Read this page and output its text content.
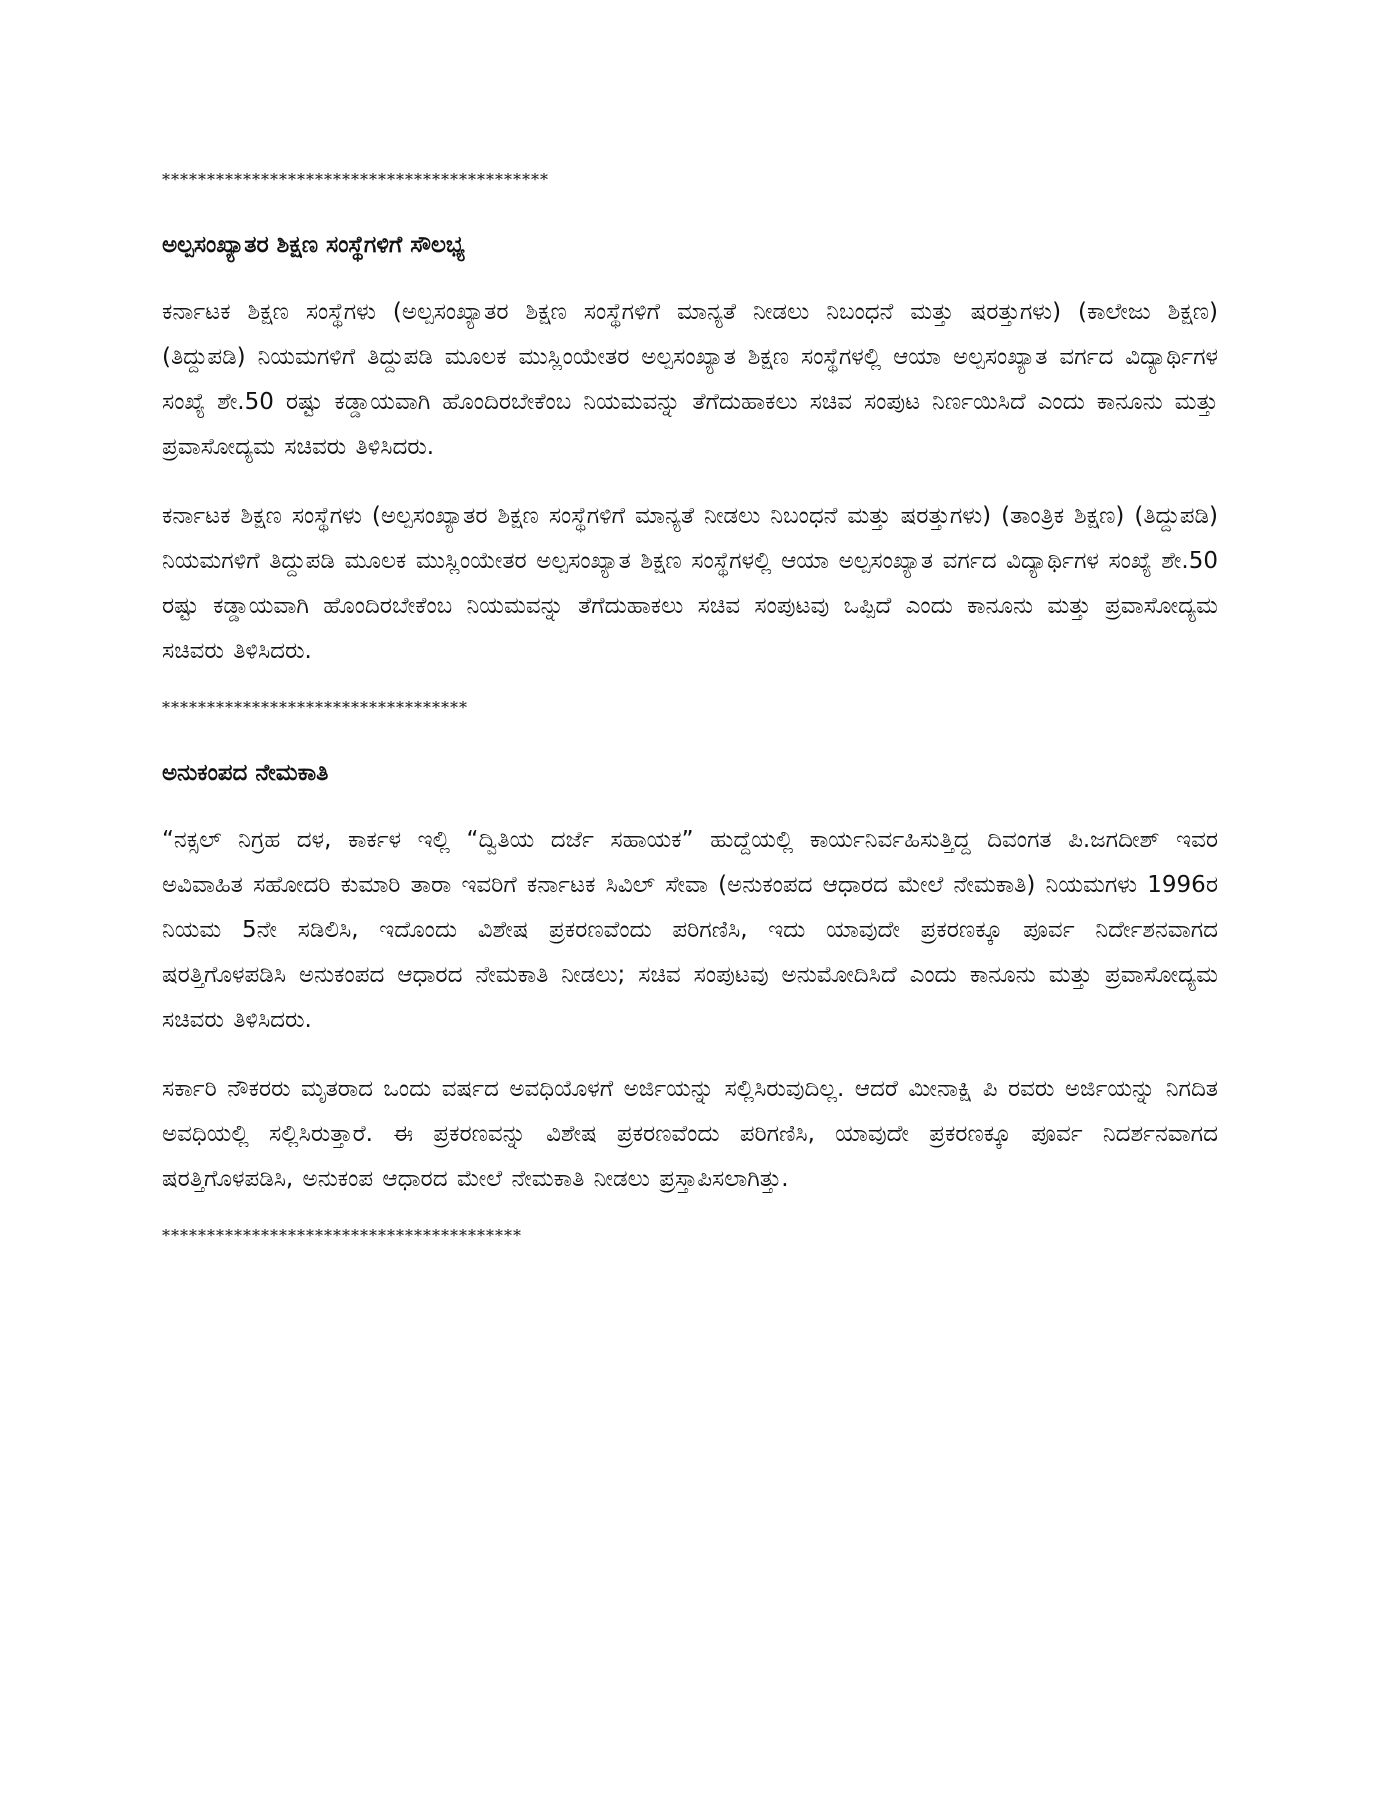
*******************************************
ಅಲ್ಪಸಂಖ್ಯಾತರ ಶಿಕ್ಷಣ ಸಂಸ್ಥೆಗಳಿಗೆ ಸೌಲಭ್ಯ

ಕರ್ನಾಟಕ ಶಿಕ್ಷಣ ಸಂಸ್ಥೆಗಳು (ಅಲ್ಪಸಂಖ್ಯಾತರ ಶಿಕ್ಷಣ ಸಂಸ್ಥೆಗಳಿಗೆ ಮಾನ್ಯತೆ ನೀಡಲು ನಿಬಂಧನೆ ಮತ್ತು ಷರತ್ತುಗಳು) (ಕಾಲೇಜು ಶಿಕ್ಷಣ) (ತಿದ್ದುಪಡಿ) ನಿಯಮಗಳಿಗೆ ತಿದ್ದುಪಡಿ ಮೂಲಕ ಮುಸ್ಲಿಂಯೇತರ ಅಲ್ಪಸಂಖ್ಯಾತ ಶಿಕ್ಷಣ ಸಂಸ್ಥೆಗಳಲ್ಲಿ ಆಯಾ ಅಲ್ಪಸಂಖ್ಯಾತ ವರ್ಗದ ವಿದ್ಯಾರ್ಥಿಗಳ ಸಂಖ್ಯೆ ಶೇ.50 ರಷ್ಟು ಕಡ್ಡಾಯವಾಗಿ ಹೊಂದಿರಬೇಕೆಂಬ ನಿಯಮವನ್ನು ತೆಗೆದುಹಾಕಲು ಸಚಿವ ಸಂಪುಟ ನಿರ್ಣಯಿಸಿದೆ ಎಂದು ಕಾನೂನು ಮತ್ತು ಪ್ರವಾಸೋದ್ಯಮ ಸಚಿವರು ತಿಳಿಸಿದರು.

ಕರ್ನಾಟಕ ಶಿಕ್ಷಣ ಸಂಸ್ಥೆಗಳು (ಅಲ್ಪಸಂಖ್ಯಾತರ ಶಿಕ್ಷಣ ಸಂಸ್ಥೆಗಳಿಗೆ ಮಾನ್ಯತೆ ನೀಡಲು ನಿಬಂಧನೆ ಮತ್ತು ಷರತ್ತುಗಳು) (ತಾಂತ್ರಿಕ ಶಿಕ್ಷಣ) (ತಿದ್ದುಪಡಿ) ನಿಯಮಗಳಿಗೆ ತಿದ್ದುಪಡಿ ಮೂಲಕ ಮುಸ್ಲಿಂಯೇತರ ಅಲ್ಪಸಂಖ್ಯಾತ ಶಿಕ್ಷಣ ಸಂಸ್ಥೆಗಳಲ್ಲಿ ಆಯಾ ಅಲ್ಪಸಂಖ್ಯಾತ ವರ್ಗದ ವಿದ್ಯಾರ್ಥಿಗಳ ಸಂಖ್ಯೆ ಶೇ.50 ರಷ್ಟು ಕಡ್ಡಾಯವಾಗಿ ಹೊಂದಿರಬೇಕೆಂಬ ನಿಯಮವನ್ನು ತೆಗೆದುಹಾಕಲು ಸಚಿವ ಸಂಪುಟವು ಒಪ್ಪಿದೆ ಎಂದು ಕಾನೂನು ಮತ್ತು ಪ್ರವಾಸೋದ್ಯಮ ಸಚಿವರು ತಿಳಿಸಿದರು.

**********************************
ಅನುಕಂಪದ ನೇಮಕಾತಿ

“ನಕ್ಸಲ್ ನಿಗ್ರಹ ದಳ, ಕಾರ್ಕಳ ಇಲ್ಲಿ “ದ್ವಿತಿಯ ದರ್ಜೆ ಸಹಾಯಕ” ಹುದ್ದೆಯಲ್ಲಿ ಕಾರ್ಯನಿರ್ವಹಿಸುತ್ತಿದ್ದ ದಿವಂಗತ ಪಿ.ಜಗದೀಶ್ ಇವರ ಅವಿವಾಹಿತ ಸಹೋದರಿ ಕುಮಾರಿ ತಾರಾ ಇವರಿಗೆ ಕರ್ನಾಟಕ ಸಿವಿಲ್ ಸೇವಾ (ಅನುಕಂಪದ ಆಧಾರದ ಮೇಲೆ ನೇಮಕಾತಿ) ನಿಯಮಗಳು 1996ರ ನಿಯಮ 5ನೇ ಸಡಿಲಿಸಿ, ಇದೊಂದು ವಿಶೇಷ ಪ್ರಕರಣವೆಂದು ಪರಿಗಣಿಸಿ, ಇದು ಯಾವುದೇ ಪ್ರಕರಣಕ್ಕೂ ಪೂರ್ವ ನಿರ್ದೇಶನವಾಗದ ಷರತ್ತಿಗೊಳಪಡಿಸಿ ಅನುಕಂಪದ ಆಧಾರದ ನೇಮಕಾತಿ ನೀಡಲು; ಸಚಿವ ಸಂಪುಟವು ಅನುಮೋದಿಸಿದೆ ಎಂದು ಕಾನೂನು ಮತ್ತು ಪ್ರವಾಸೋದ್ಯಮ ಸಚಿವರು ತಿಳಿಸಿದರು.

ಸರ್ಕಾರಿ ನೌಕರರು ಮೃತರಾದ ಒಂದು ವರ್ಷದ ಅವಧಿಯೊಳಗೆ ಅರ್ಜಿಯನ್ನು ಸಲ್ಲಿಸಿರುವುದಿಲ್ಲ. ಆದರೆ ಮೀನಾಕ್ಷಿ ಪಿ ರವರು ಅರ್ಜಿಯನ್ನು ನಿಗದಿತ ಅವಧಿಯಲ್ಲಿ ಸಲ್ಲಿಸಿರುತ್ತಾರೆ. ಈ ಪ್ರಕರಣವನ್ನು ವಿಶೇಷ ಪ್ರಕರಣವೆಂದು ಪರಿಗಣಿಸಿ, ಯಾವುದೇ ಪ್ರಕರಣಕ್ಕೂ ಪೂರ್ವ ನಿದರ್ಶನವಾಗದ ಷರತ್ತಿಗೊಳಪಡಿಸಿ, ಅನುಕಂಪ ಆಧಾರದ ಮೇಲೆ ನೇಮಕಾತಿ ನೀಡಲು ಪ್ರಸ್ತಾಪಿಸಲಾಗಿತ್ತು.

****************************************
